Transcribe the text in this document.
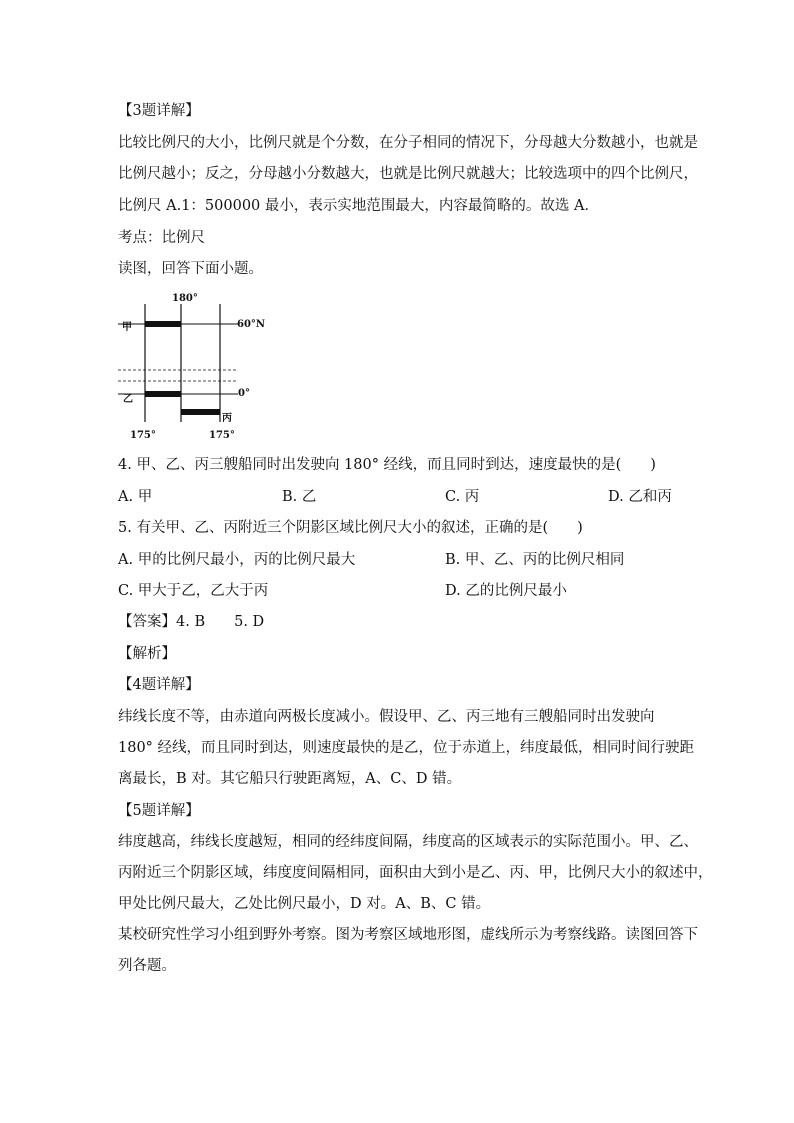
【3题详解】
比较比例尺的大小，比例尺就是个分数，在分子相同的情况下，分母越大分数越小，也就是
比例尺越小；反之，分母越小分数越大，也就是比例尺就越大；比较选项中的四个比例尺，
比例尺 A.1：500000 最小，表示实地范围最大，内容最简略的。故选 A．
考点：比例尺
读图，回答下面小题。
180°
60°N
0°
175°	175°
甲
乙
丙
4. 甲、乙、丙三艘船同时出发驶向 180° 经线，而且同时到达，速度最快的是(　　)
A. 甲	B. 乙	C. 丙	D. 乙和丙
5. 有关甲、乙、丙附近三个阴影区域比例尺大小的叙述，正确的是(　　)
A. 甲的比例尺最小，丙的比例尺最大	B. 甲、乙、丙的比例尺相同
C. 甲大于乙，乙大于丙	D. 乙的比例尺最小
【答案】4. B　　5. D
【解析】
【4题详解】
纬线长度不等，由赤道向两极长度减小。假设甲、乙、丙三地有三艘船同时出发驶向
180° 经线，而且同时到达，则速度最快的是乙，位于赤道上，纬度最低，相同时间行驶距
离最长，B 对。其它船只行驶距离短，A、C、D 错。
【5题详解】
纬度越高，纬线长度越短，相同的经纬度间隔，纬度高的区域表示的实际范围小。甲、乙、
丙附近三个阴影区域，纬度度间隔相同，面积由大到小是乙、丙、甲，比例尺大小的叙述中，
甲处比例尺最大，乙处比例尺最小，D 对。A、B、C 错。
某校研究性学习小组到野外考察。图为考察区域地形图，虚线所示为考察线路。读图回答下
列各题。
